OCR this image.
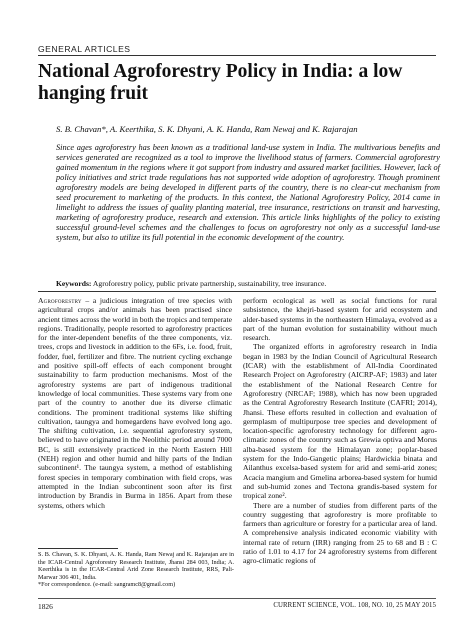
GENERAL ARTICLES
National Agroforestry Policy in India: a low hanging fruit
S. B. Chavan*, A. Keerthika, S. K. Dhyani, A. K. Handa, Ram Newaj and K. Rajarajan
Since ages agroforestry has been known as a traditional land-use system in India. The multivarious benefits and services generated are recognized as a tool to improve the livelihood status of farmers. Commercial agroforestry gained momentum in the regions where it got support from industry and assured market facilities. However, lack of policy initiatives and strict trade regulations has not supported wide adoption of agroforestry. Though prominent agroforestry models are being developed in different parts of the country, there is no clear-cut mechanism from seed procurement to marketing of the products. In this context, the National Agroforestry Policy, 2014 came in limelight to address the issues of quality planting material, tree insurance, restrictions on transit and harvesting, marketing of agroforestry produce, research and extension. This article links highlights of the policy to existing successful ground-level schemes and the challenges to focus on agroforestry not only as a successful land-use system, but also to utilize its full potential in the economic development of the country.
Keywords: Agroforestry policy, public private partnership, sustainability, tree insurance.

Agroforestry – a judicious integration of tree species with agricultural crops and/or animals has been practised since ancient times across the world in both the tropics and temperate regions. Traditionally, people resorted to agroforestry practices for the inter-dependent benefits of the three components, viz. trees, crops and livestock in addition to the 6Fs, i.e. food, fruit, fodder, fuel, fertilizer and fibre. The nutrient cycling exchange and positive spill-off effects of each component brought sustainability to farm production mechanisms. Most of the agroforestry systems are part of indigenous traditional knowledge of local communities. These systems vary from one part of the country to another due its diverse climatic conditions. The prominent traditional systems like shifting cultivation, taungya and homegardens have evolved long ago. The shifting cultivation, i.e. sequential agroforestry system, believed to have originated in the Neolithic period around 7000 BC, is still extensively practiced in the North Eastern Hill (NEH) region and other humid and hilly parts of the Indian subcontinent¹. The taungya system, a method of establishing forest species in temporary combination with field crops, was attempted in the Indian subcontinent soon after its first introduction by Brandis in Burma in 1856. Apart from these systems, others which

perform ecological as well as social functions for rural subsistence, the khejri-based system for arid ecosystem and alder-based systems in the northeastern Himalaya, evolved as a part of the human evolution for sustainability without much research.

The organized efforts in agroforestry research in India began in 1983 by the Indian Council of Agricultural Research (ICAR) with the establishment of All-India Coordinated Research Project on Agroforestry (AICRP-AF; 1983) and later the establishment of the National Research Centre for Agroforestry (NRCAF; 1988), which has now been upgraded as the Central Agroforestry Research Institute (CAFRI; 2014), Jhansi. These efforts resulted in collection and evaluation of germplasm of multipurpose tree species and development of location-specific agroforestry technology for different agro-climatic zones of the country such as Grewia optiva and Morus alba-based system for the Himalayan zone; poplar-based system for the Indo-Gangetic plains; Hardwickia binata and Ailanthus excelsa-based system for arid and semi-arid zones; Acacia mangium and Gmelina arborea-based system for humid and sub-humid zones and Tectona grandis-based system for tropical zone².

There are a number of studies from different parts of the country suggesting that agroforestry is more profitable to farmers than agriculture or forestry for a particular area of land. A comprehensive analysis indicated economic viability with internal rate of return (IRR) ranging from 25 to 68 and B : C ratio of 1.01 to 4.17 for 24 agroforestry systems from different agro-climatic regions of

S. B. Chavan, S. K. Dhyani, A. K. Handa, Ram Newaj and K. Rajarajan are in the ICAR-Central Agroforestry Research Institute, Jhansi 284 003, India; A. Keerthika is in the ICAR-Central Arid Zone Research Institute, RRS, Pali-Marwar 306 401, India.

*For correspondence. (e-mail: sangramc8@gmail.com)

1826	CURRENT SCIENCE, VOL. 108, NO. 10, 25 MAY 2015
